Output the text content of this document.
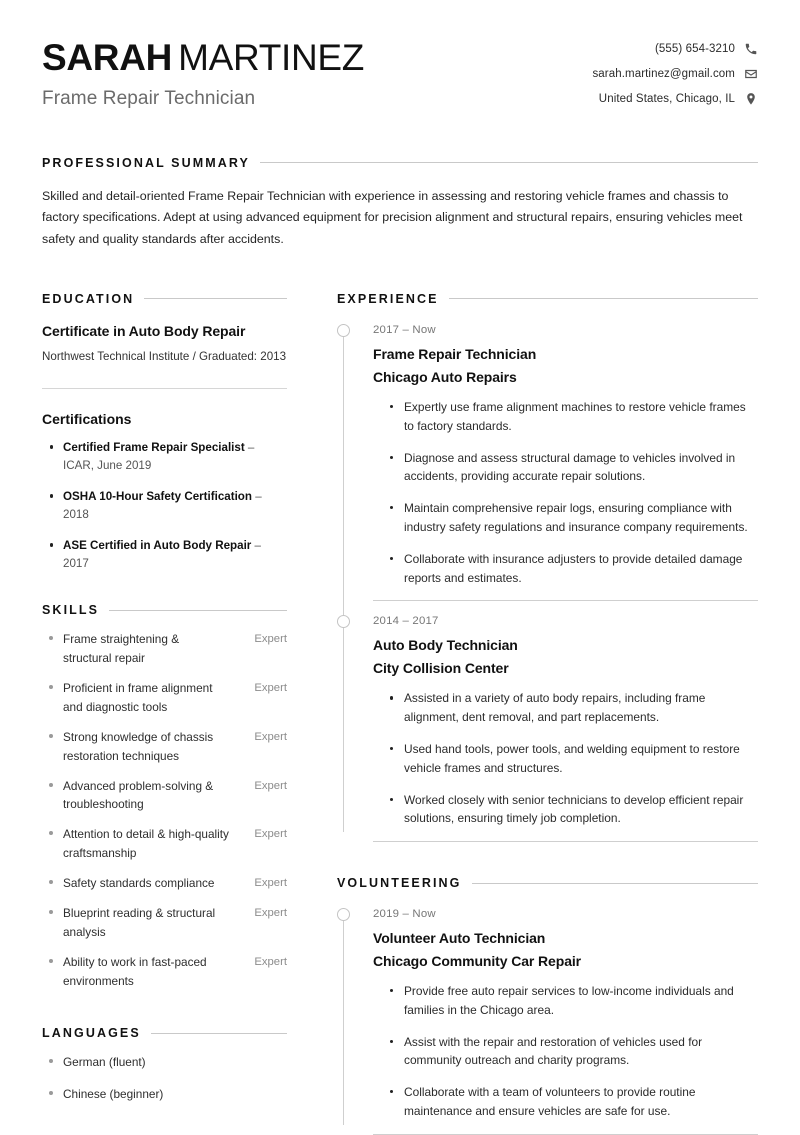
SARAH MARTINEZ
Frame Repair Technician
(555) 654-3210
sarah.martinez@gmail.com
United States, Chicago, IL
PROFESSIONAL SUMMARY

Skilled and detail-oriented Frame Repair Technician with experience in assessing and restoring vehicle frames and chassis to factory specifications. Adept at using advanced equipment for precision alignment and structural repairs, ensuring vehicles meet safety and quality standards after accidents.

EDUCATION
Certificate in Auto Body Repair
Northwest Technical Institute / Graduated: 2013
Certifications
Certified Frame Repair Specialist – ICAR, June 2019
OSHA 10-Hour Safety Certification – 2018
ASE Certified in Auto Body Repair – 2017
SKILLS
Frame straightening & structural repair
Expert
Proficient in frame alignment and diagnostic tools
Expert
Strong knowledge of chassis restoration techniques
Expert
Advanced problem-solving & troubleshooting
Expert
Attention to detail & high-quality craftsmanship
Expert
Safety standards compliance	Expert
Blueprint reading & structural analysis
Expert
Ability to work in fast-paced environments
Expert
LANGUAGES
German (fluent)
Chinese (beginner)
EXPERIENCE
2017 – Now
Frame Repair Technician
Chicago Auto Repairs
Expertly use frame alignment machines to restore vehicle frames to factory standards.
Diagnose and assess structural damage to vehicles involved in accidents, providing accurate repair solutions.
Maintain comprehensive repair logs, ensuring compliance with industry safety regulations and insurance company requirements.
Collaborate with insurance adjusters to provide detailed damage reports and estimates.
2014 – 2017
Auto Body Technician
City Collision Center
Assisted in a variety of auto body repairs, including frame alignment, dent removal, and part replacements.
Used hand tools, power tools, and welding equipment to restore vehicle frames and structures.
Worked closely with senior technicians to develop efficient repair solutions, ensuring timely job completion.
VOLUNTEERING
2019 – Now
Volunteer Auto Technician
Chicago Community Car Repair
Provide free auto repair services to low-income individuals and families in the Chicago area.
Assist with the repair and restoration of vehicles used for community outreach and charity programs.
Collaborate with a team of volunteers to provide routine maintenance and ensure vehicles are safe for use.
